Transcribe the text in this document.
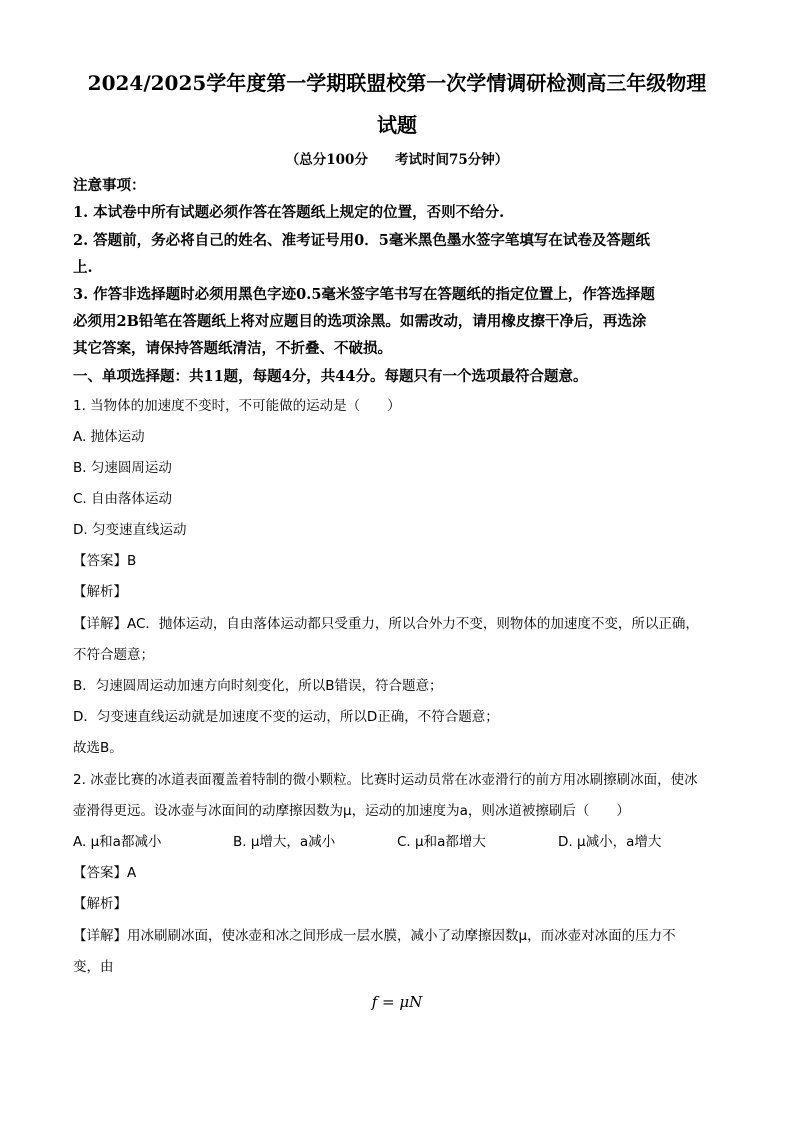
2024/2025学年度第一学期联盟校第一次学情调研检测高三年级物理
试题
（总分100分　　考试时间75分钟）
注意事项：
1. 本试卷中所有试题必须作答在答题纸上规定的位置，否则不给分.
2. 答题前，务必将自己的姓名、准考证号用0．5毫米黑色墨水签字笔填写在试卷及答题纸
上.
3. 作答非选择题时必须用黑色字迹0.5毫米签字笔书写在答题纸的指定位置上，作答选择题
必须用2B铅笔在答题纸上将对应题目的选项涂黑。如需改动，请用橡皮擦干净后，再选涂
其它答案，请保持答题纸清洁，不折叠、不破损。
一、单项选择题：共11题，每题4分，共44分。每题只有一个选项最符合题意。
1. 当物体的加速度不变时，不可能做的运动是（　　）
A. 抛体运动
B. 匀速圆周运动
C. 自由落体运动
D. 匀变速直线运动
【答案】B
【解析】
【详解】AC．抛体运动，自由落体运动都只受重力，所以合外力不变，则物体的加速度不变，所以正确，
不符合题意；
B．匀速圆周运动加速方向时刻变化，所以B错误，符合题意；
D．匀变速直线运动就是加速度不变的运动，所以D正确，不符合题意；
故选B。
2. 冰壶比赛的冰道表面覆盖着特制的微小颗粒。比赛时运动员常在冰壶滑行的前方用冰刷擦刷冰面，使冰
壶滑得更远。设冰壶与冰面间的动摩擦因数为μ，运动的加速度为a，则冰道被擦刷后（　　）
A. μ和a都减小	B. μ增大，a减小	C. μ和a都增大	D. μ减小，a增大
【答案】A
【解析】
【详解】用冰刷刷冰面，使冰壶和冰之间形成一层水膜，减小了动摩擦因数μ，而冰壶对冰面的压力不
变，由
f = μN
